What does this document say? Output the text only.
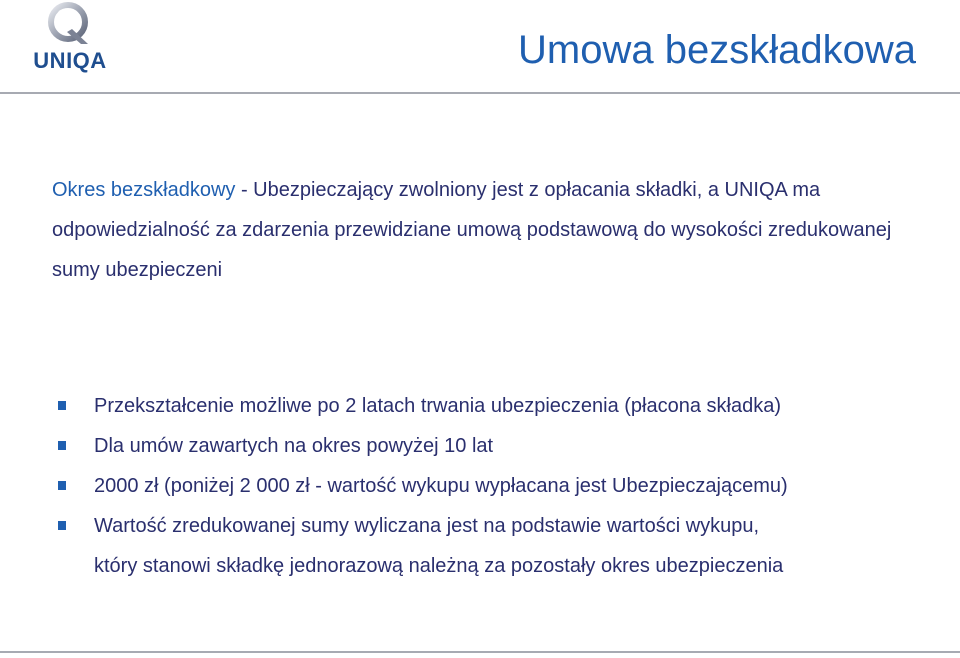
UNIQA	Umowa bezskładkowa
Okres bezskładkowy - Ubezpieczający zwolniony jest z opłacania składki, a UNIQA ma odpowiedzialność za zdarzenia przewidziane umową podstawową do wysokości zredukowanej sumy ubezpieczeni
Przekształcenie możliwe po 2 latach trwania ubezpieczenia (płacona składka)
Dla umów zawartych na okres powyżej 10 lat
2000 zł (poniżej 2 000 zł - wartość wykupu wypłacana jest Ubezpieczającemu)
Wartość zredukowanej sumy wyliczana jest na podstawie wartości wykupu,
który stanowi składkę jednorazową należną za pozostały okres ubezpieczenia
